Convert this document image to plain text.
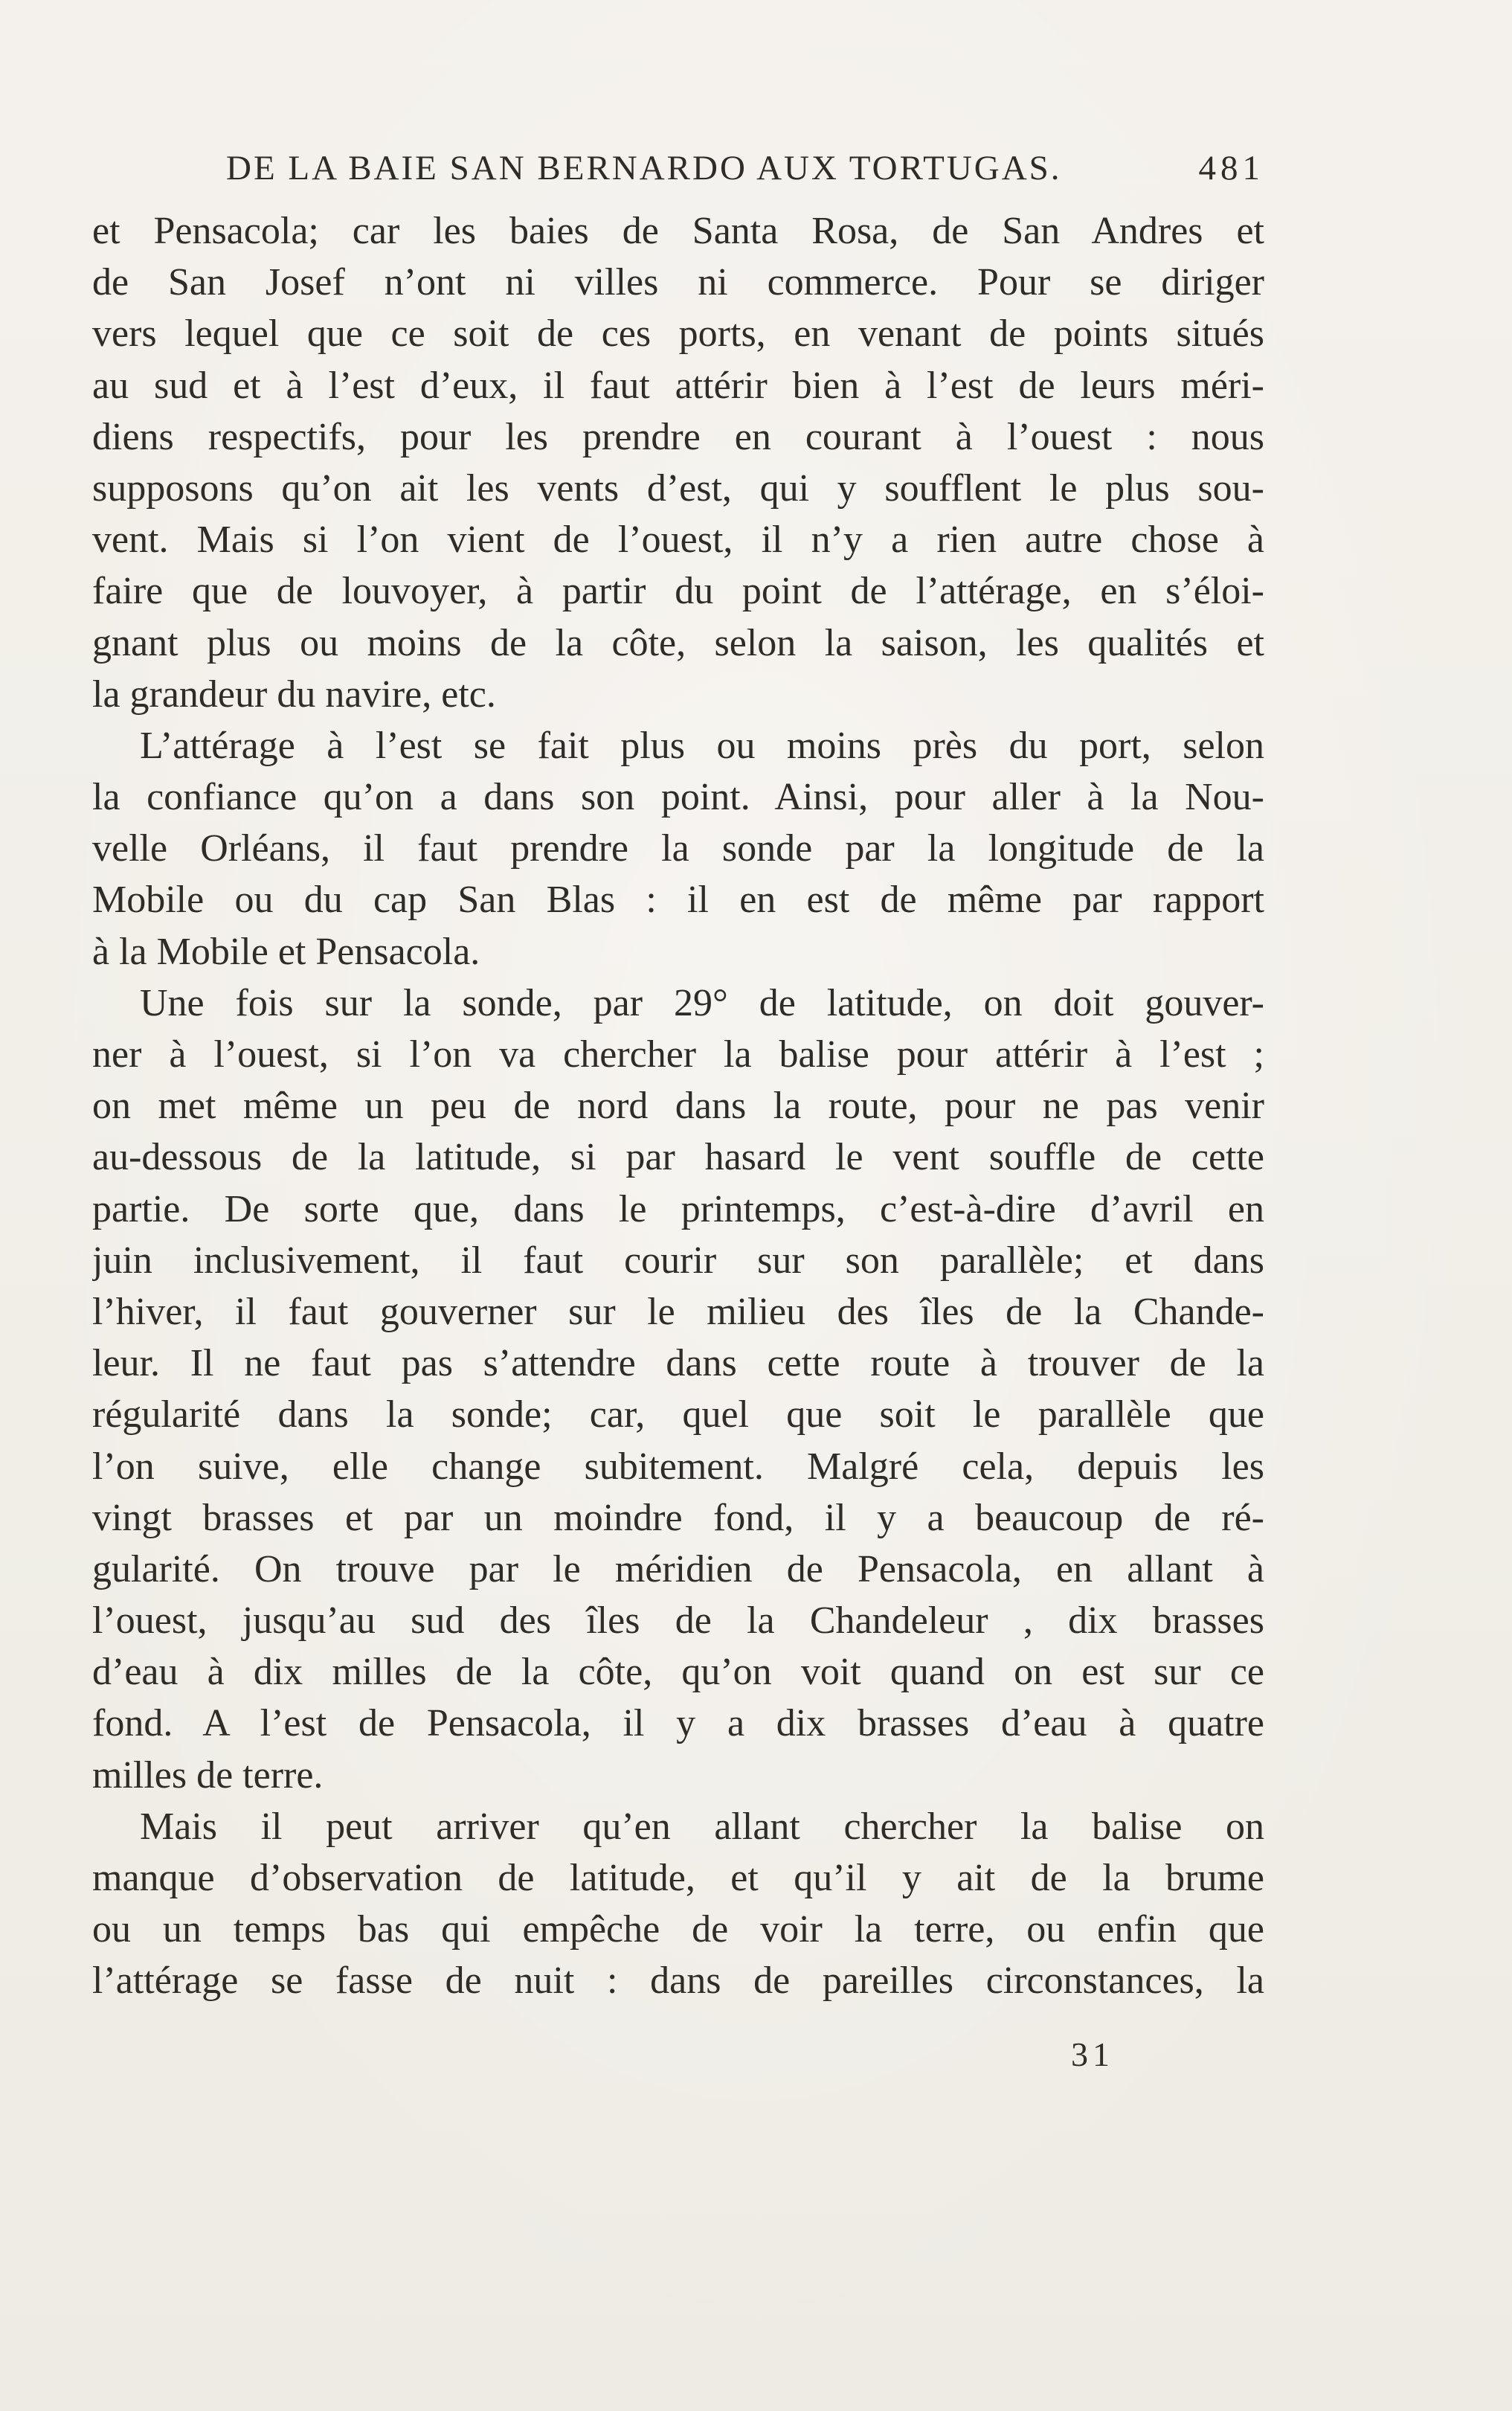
DE LA BAIE SAN BERNARDO AUX TORTUGAS.	481
et Pensacola; car les baies de Santa Rosa, de San Andres et
de San Josef n’ont ni villes ni commerce. Pour se diriger
vers lequel que ce soit de ces ports, en venant de points situés
au sud et à l’est d’eux, il faut attérir bien à l’est de leurs méri-
diens respectifs, pour les prendre en courant à l’ouest : nous
supposons qu’on ait les vents d’est, qui y soufflent le plus sou-
vent. Mais si l’on vient de l’ouest, il n’y a rien autre chose à
faire que de louvoyer, à partir du point de l’attérage, en s’éloi-
gnant plus ou moins de la côte, selon la saison, les qualités et
la grandeur du navire, etc.
L’attérage à l’est se fait plus ou moins près du port, selon
la confiance qu’on a dans son point. Ainsi, pour aller à la Nou-
velle Orléans, il faut prendre la sonde par la longitude de la
Mobile ou du cap San Blas : il en est de même par rapport
à la Mobile et Pensacola.
Une fois sur la sonde, par 29° de latitude, on doit gouver-
ner à l’ouest, si l’on va chercher la balise pour attérir à l’est ;
on met même un peu de nord dans la route, pour ne pas venir
au-dessous de la latitude, si par hasard le vent souffle de cette
partie. De sorte que, dans le printemps, c’est-à-dire d’avril en
juin inclusivement, il faut courir sur son parallèle; et dans
l’hiver, il faut gouverner sur le milieu des îles de la Chande-
leur. Il ne faut pas s’attendre dans cette route à trouver de la
régularité dans la sonde; car, quel que soit le parallèle que
l’on suive, elle change subitement. Malgré cela, depuis les
vingt brasses et par un moindre fond, il y a beaucoup de ré-
gularité. On trouve par le méridien de Pensacola, en allant à
l’ouest, jusqu’au sud des îles de la Chandeleur , dix brasses
d’eau à dix milles de la côte, qu’on voit quand on est sur ce
fond. A l’est de Pensacola, il y a dix brasses d’eau à quatre
milles de terre.
Mais il peut arriver qu’en allant chercher la balise on
manque d’observation de latitude, et qu’il y ait de la brume
ou un temps bas qui empêche de voir la terre, ou enfin que
l’attérage se fasse de nuit : dans de pareilles circonstances, la
31
